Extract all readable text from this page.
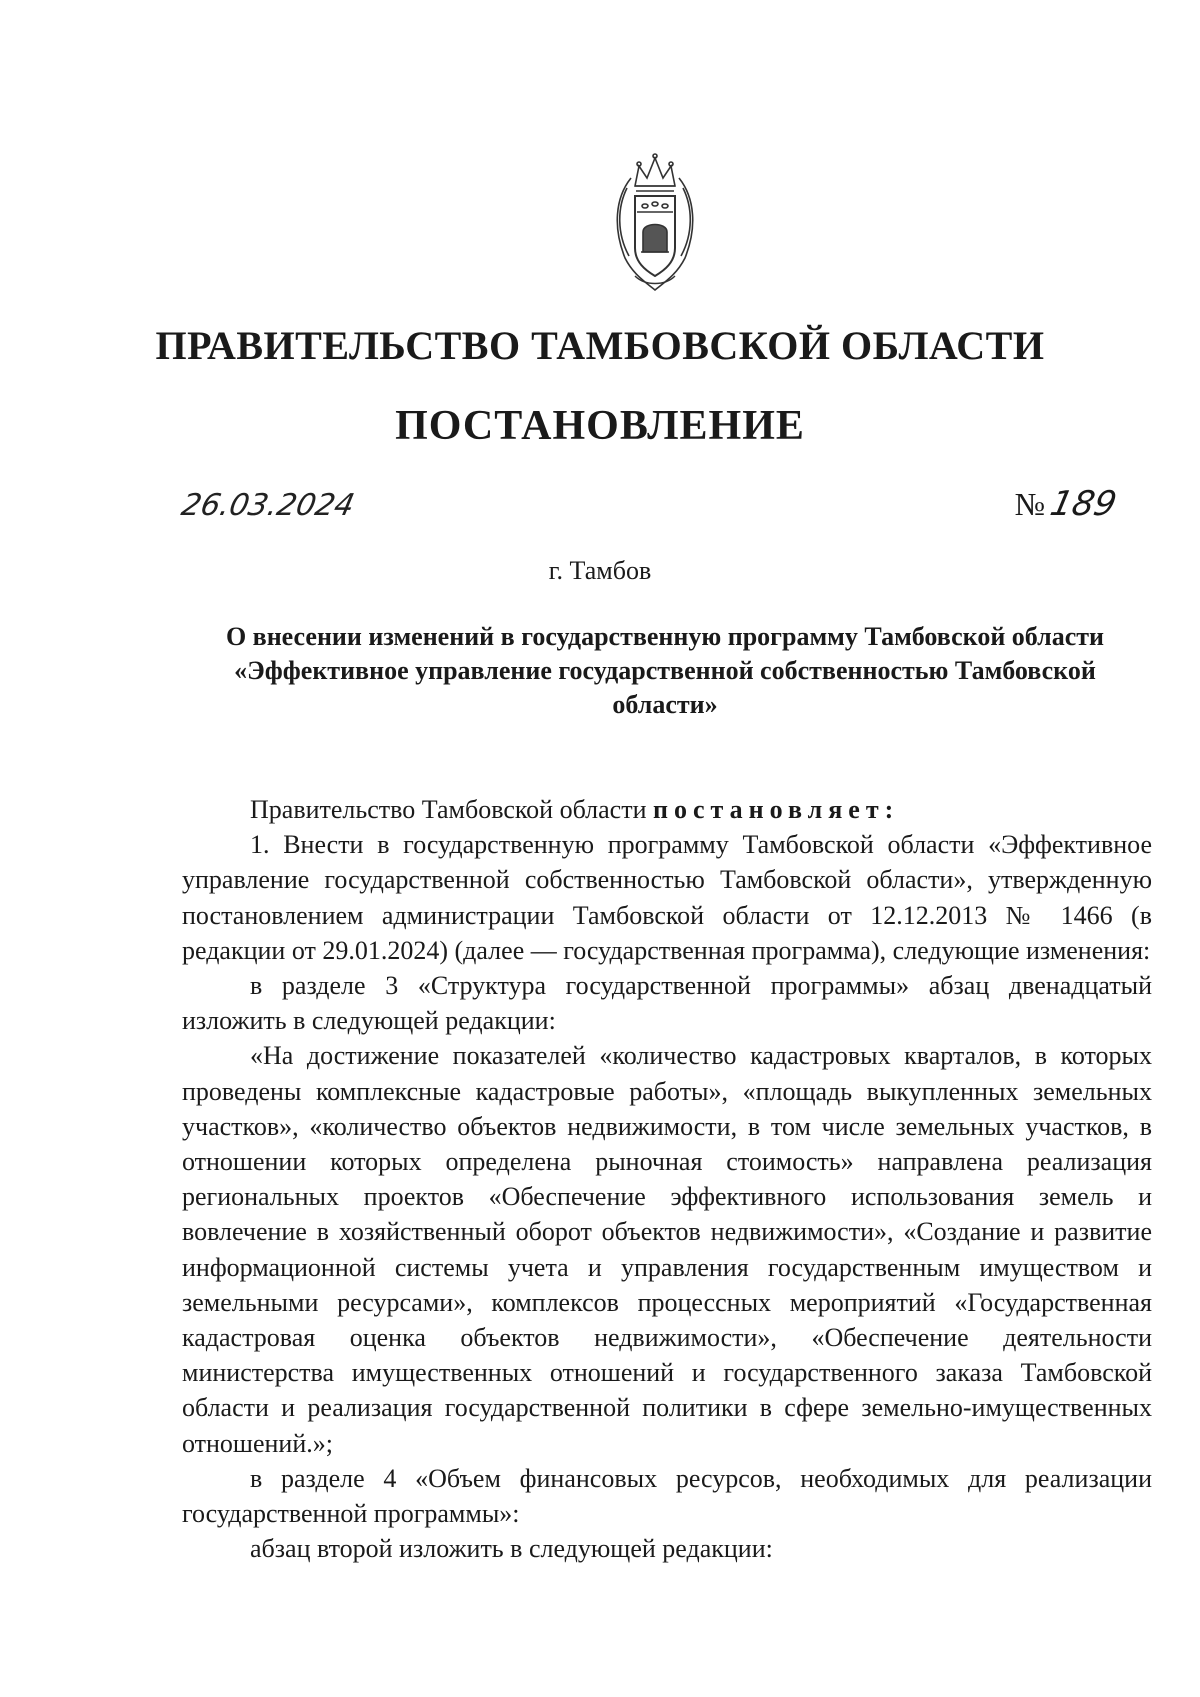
ПРАВИТЕЛЬСТВО ТАМБОВСКОЙ ОБЛАСТИ
ПОСТАНОВЛЕНИЕ
26.03.2024	№189
г. Тамбов
О внесении изменений в государственную программу Тамбовской области
«Эффективное управление государственной собственностью Тамбовской
области»

Правительство Тамбовской области постановляет:

1. Внести в государственную программу Тамбовской области «Эффективное управление государственной собственностью Тамбовской области», утвержденную постановлением администрации Тамбовской области от 12.12.2013 № 1466 (в редакции от 29.01.2024) (далее — государственная программа), следующие изменения:

в разделе 3 «Структура государственной программы» абзац двенадцатый изложить в следующей редакции:

«На достижение показателей «количество кадастровых кварталов, в которых проведены комплексные кадастровые работы», «площадь выкупленных земельных участков», «количество объектов недвижимости, в том числе земельных участков, в отношении которых определена рыночная стоимость» направлена реализация региональных проектов «Обеспечение эффективного использования земель и вовлечение в хозяйственный оборот объектов недвижимости», «Создание и развитие информационной системы учета и управления государственным имуществом и земельными ресурсами», комплексов процессных мероприятий «Государственная кадастровая оценка объектов недвижимости», «Обеспечение деятельности министерства имущественных отношений и государственного заказа Тамбовской области и реализация государственной политики в сфере земельно-имущественных отношений.»;

в разделе 4 «Объем финансовых ресурсов, необходимых для реализации государственной программы»:

абзац второй изложить в следующей редакции:
